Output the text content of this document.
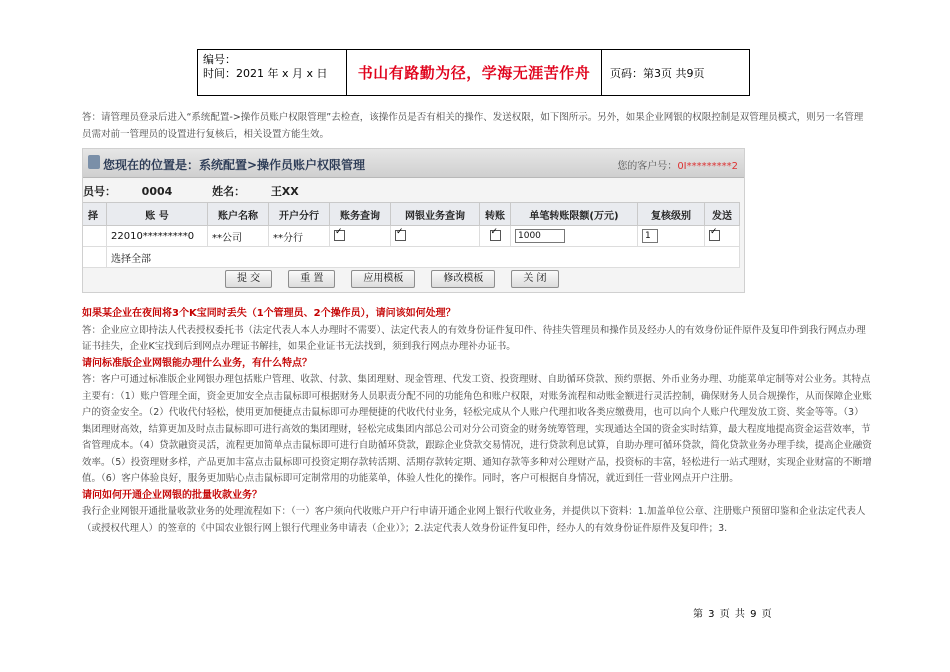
编号：
时间：2021 年 x 月 x 日	书山有路勤为径，学海无涯苦作舟 页码：第3页 共9页
答：请管理员登录后进入“系统配置->操作员账户权限管理”去检查，该操作员是否有相关的操作、发送权限，如下图所示。另外，如果企业网银的权限控制是双管理员模式，则另一名管理员需对前一管理员的设置进行复核后，相关设置方能生效。
您现在的位置是：系统配置>操作员账户权限管理	您的客户号：0I*********2
员号： 0004	姓名： 王XX
择	账 号	账户名称	开户分行	账务查询	网银业务查询	转账	单笔转账限额(万元)	复核级别	发送
	22010*********0	**公司	**分行	✓	✓	✓	1000	1	✓
	选择全部								
提 交	重 置	应用模板	修改模板	关 闭
如果某企业在夜间将3个K宝同时丢失（1个管理员、2个操作员），请问该如何处理？
答：企业应立即持法人代表授权委托书（法定代表人本人办理时不需要）、法定代表人的有效身份证件复印件、待挂失管理员和操作员及经办人的有效身份证件原件及复印件到我行网点办理证书挂失，企业K宝找到后到网点办理证书解挂，如果企业证书无法找到，须到我行网点办理补办证书。
请问标准版企业网银能办理什么业务，有什么特点？
答：客户可通过标准版企业网银办理包括账户管理、收款、付款、集团理财、现金管理、代发工资、投资理财、自助循环贷款、预约票据、外币业务办理、功能菜单定制等对公业务。其特点主要有：（1）账户管理全面，资金更加安全点击鼠标即可根据财务人员职责分配不同的功能角色和账户权限，对账务流程和动账金额进行灵活控制，确保财务人员合规操作，从而保障企业账户的资金安全。（2）代收代付轻松，使用更加便捷点击鼠标即可办理便捷的代收代付业务，轻松完成从个人账户代理扣收各类应缴费用，也可以向个人账户代理发放工资、奖金等等。（3）集团理财高效，结算更加及时点击鼠标即可进行高效的集团理财，轻松完成集团内部总公司对分公司资金的财务统筹管理，实现通达全国的资金实时结算，最大程度地提高资金运营效率，节省管理成本。（4）贷款融资灵活，流程更加简单点击鼠标即可进行自助循环贷款，跟踪企业贷款交易情况，进行贷款利息试算，自助办理可循环贷款，简化贷款业务办理手续，提高企业融资效率。（5）投资理财多样，产品更加丰富点击鼠标即可投资定期存款转活期、活期存款转定期、通知存款等多种对公理财产品，投资标的丰富，轻松进行一站式理财，实现企业财富的不断增值。（6）客户体验良好，服务更加贴心点击鼠标即可定制常用的功能菜单，体验人性化的操作。同时，客户可根据自身情况，就近到任一营业网点开户注册。
请问如何开通企业网银的批量收款业务？
我行企业网银开通批量收款业务的处理流程如下：（一）客户须向代收账户开户行申请开通企业网上银行代收业务，并提供以下资料：1.加盖单位公章、注册账户预留印鉴和企业法定代表人（或授权代理人）的签章的《中国农业银行网上银行代理业务申请表（企业）》；2.法定代表人效身份证件复印件，经办人的有效身份证件原件及复印件；3.
第 3 页 共 9 页
